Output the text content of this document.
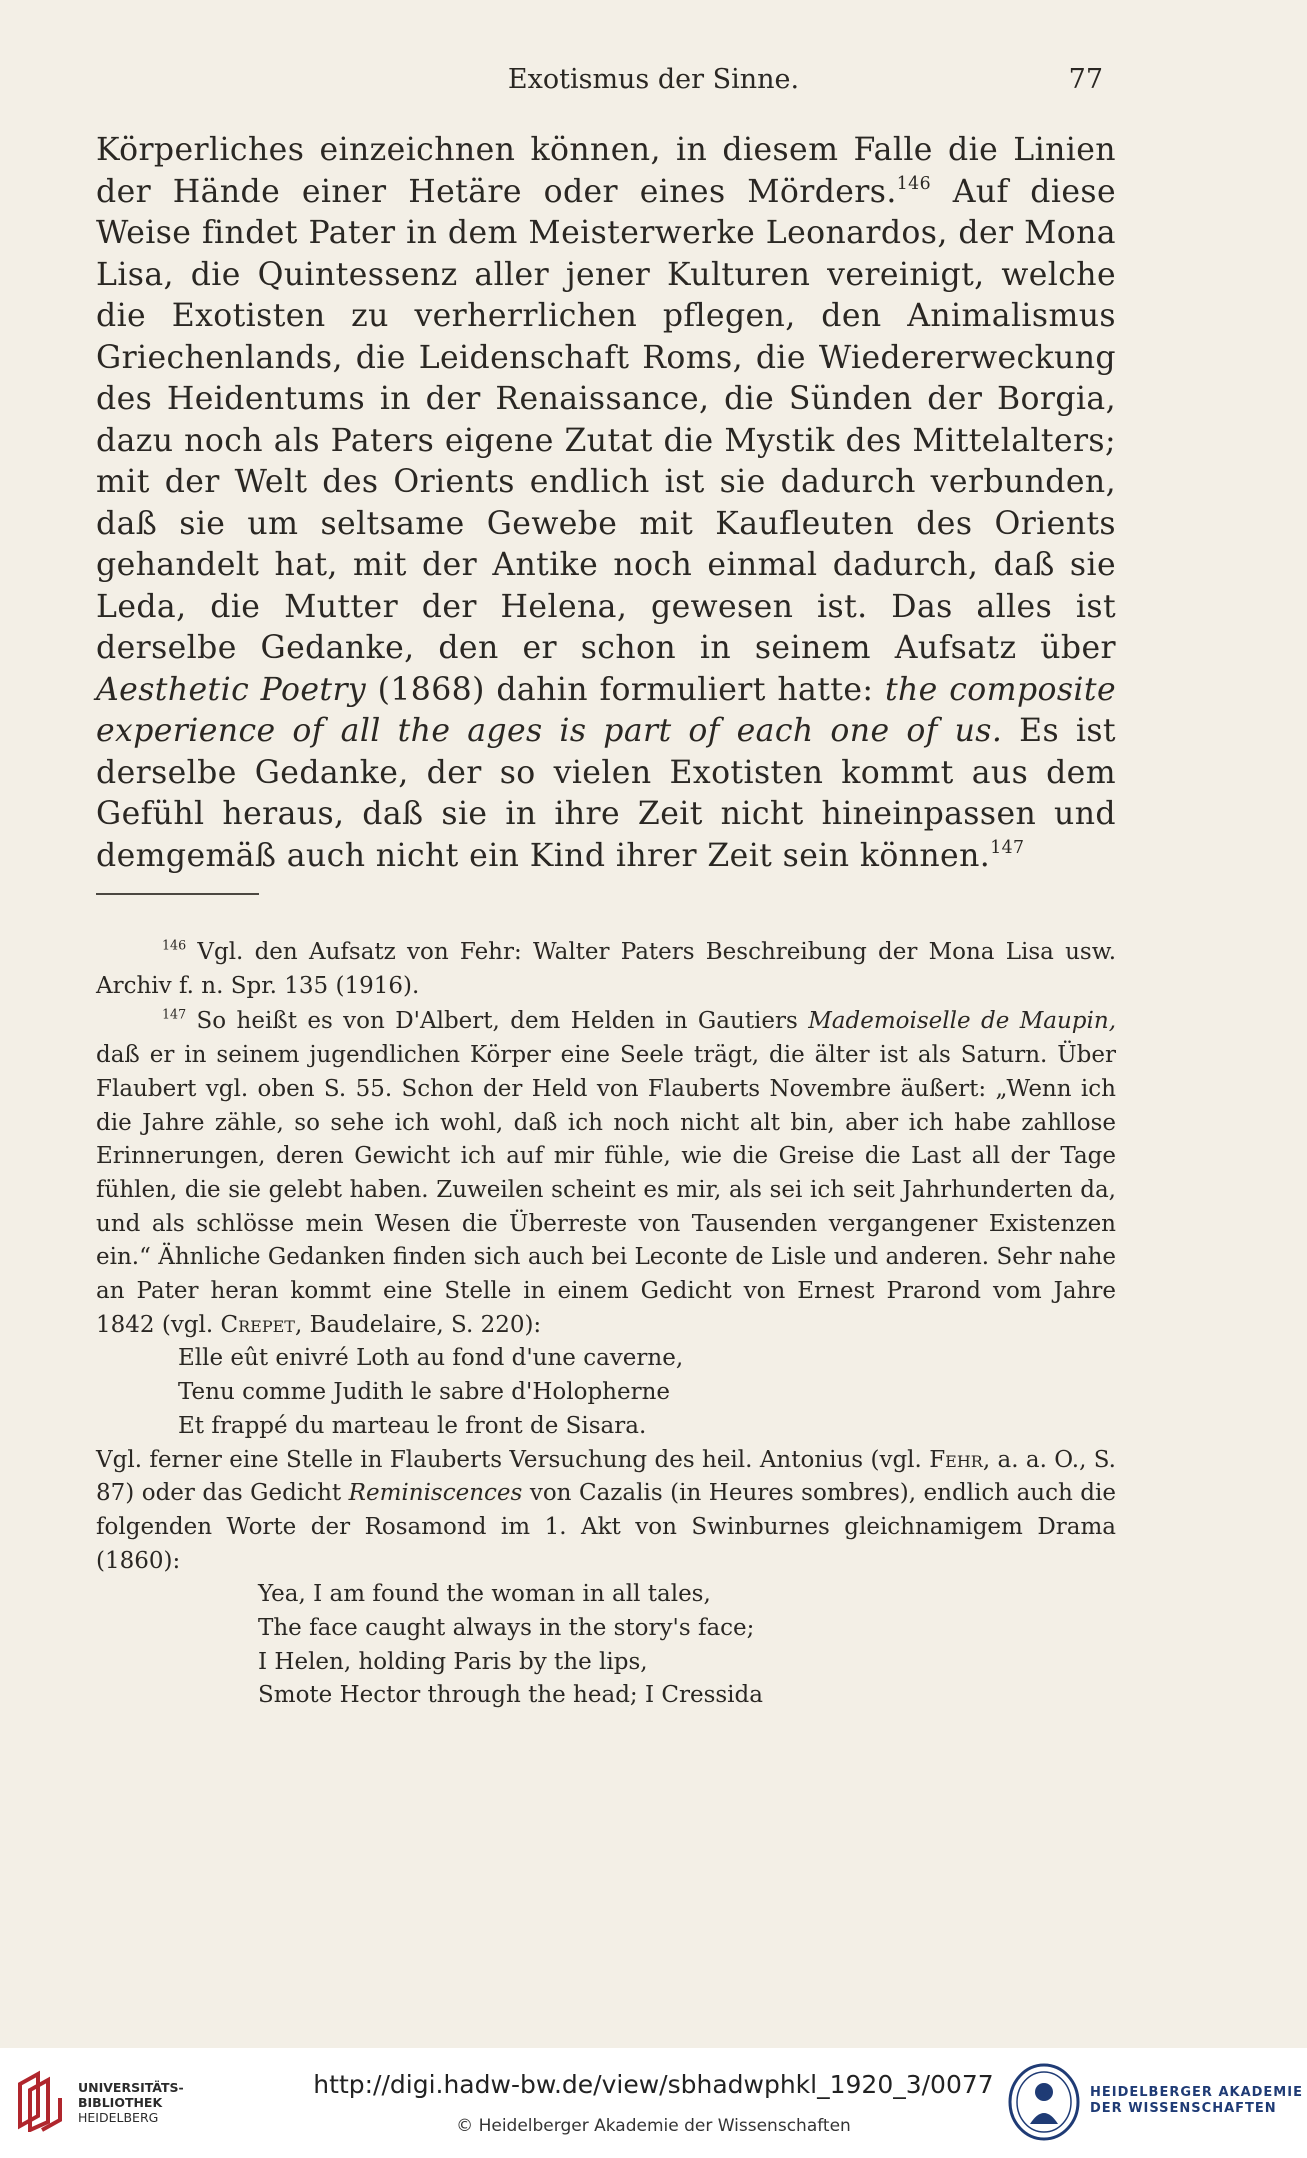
Exotismus der Sinne.	77

Körperliches einzeichnen können, in diesem Falle die Linien der Hände einer Hetäre oder eines Mörders.$^{146}$ Auf diese Weise findet Pater in dem Meisterwerke Leonardos, der Mona Lisa, die Quintessenz aller jener Kulturen vereinigt, welche die Exotisten zu verherrlichen pflegen, den Animalismus Griechenlands, die Leidenschaft Roms, die Wiedererweckung des Heidentums in der Renaissance, die Sünden der Borgia, dazu noch als Paters eigene Zutat die Mystik des Mittelalters; mit der Welt des Orients endlich ist sie dadurch verbunden, daß sie um seltsame Gewebe mit Kaufleuten des Orients gehandelt hat, mit der Antike noch einmal dadurch, daß sie Leda, die Mutter der Helena, gewesen ist. Das alles ist derselbe Gedanke, den er schon in seinem Aufsatz über Aesthetic Poetry (1868) dahin formuliert hatte: the composite experience of all the ages is part of each one of us. Es ist derselbe Gedanke, der so vielen Exotisten kommt aus dem Gefühl heraus, daß sie in ihre Zeit nicht hineinpassen und demgemäß auch nicht ein Kind ihrer Zeit sein können.$^{147}$

$^{146}$ Vgl. den Aufsatz von Fehr: Walter Paters Beschreibung der Mona Lisa usw. Archiv f. n. Spr. 135 (1916).

$^{147}$ So heißt es von D'Albert, dem Helden in Gautiers Mademoiselle de Maupin, daß er in seinem jugendlichen Körper eine Seele trägt, die älter ist als Saturn. Über Flaubert vgl. oben S. 55. Schon der Held von Flauberts Novembre äußert: „Wenn ich die Jahre zähle, so sehe ich wohl, daß ich noch nicht alt bin, aber ich habe zahllose Erinnerungen, deren Gewicht ich auf mir fühle, wie die Greise die Last all der Tage fühlen, die sie gelebt haben. Zuweilen scheint es mir, als sei ich seit Jahrhunderten da, und als schlösse mein Wesen die Überreste von Tausenden vergangener Existenzen ein.“ Ähnliche Gedanken finden sich auch bei Leconte de Lisle und anderen. Sehr nahe an Pater heran kommt eine Stelle in einem Gedicht von Ernest Prarond vom Jahre 1842 (vgl. Crepet, Baudelaire, S. 220):

Elle eût enivré Loth au fond d'une caverne,
Tenu comme Judith le sabre d'Holopherne
Et frappé du marteau le front de Sisara.

Vgl. ferner eine Stelle in Flauberts Versuchung des heil. Antonius (vgl. Fehr, a. a. O., S. 87) oder das Gedicht Reminiscences von Cazalis (in Heures sombres), endlich auch die folgenden Worte der Rosamond im 1. Akt von Swinburnes gleichnamigem Drama (1860):

Yea, I am found the woman in all tales,
The face caught always in the story's face;
I Helen, holding Paris by the lips,
Smote Hector through the head; I Cressida
UNIVERSITÄTS-
BIBLIOTHEK
HEIDELBERG
http://digi.hadw-bw.de/view/sbhadwphkl_1920_3/0077
© Heidelberger Akademie der Wissenschaften
HEIDELBERGER AKADEMIE
DER WISSENSCHAFTEN
